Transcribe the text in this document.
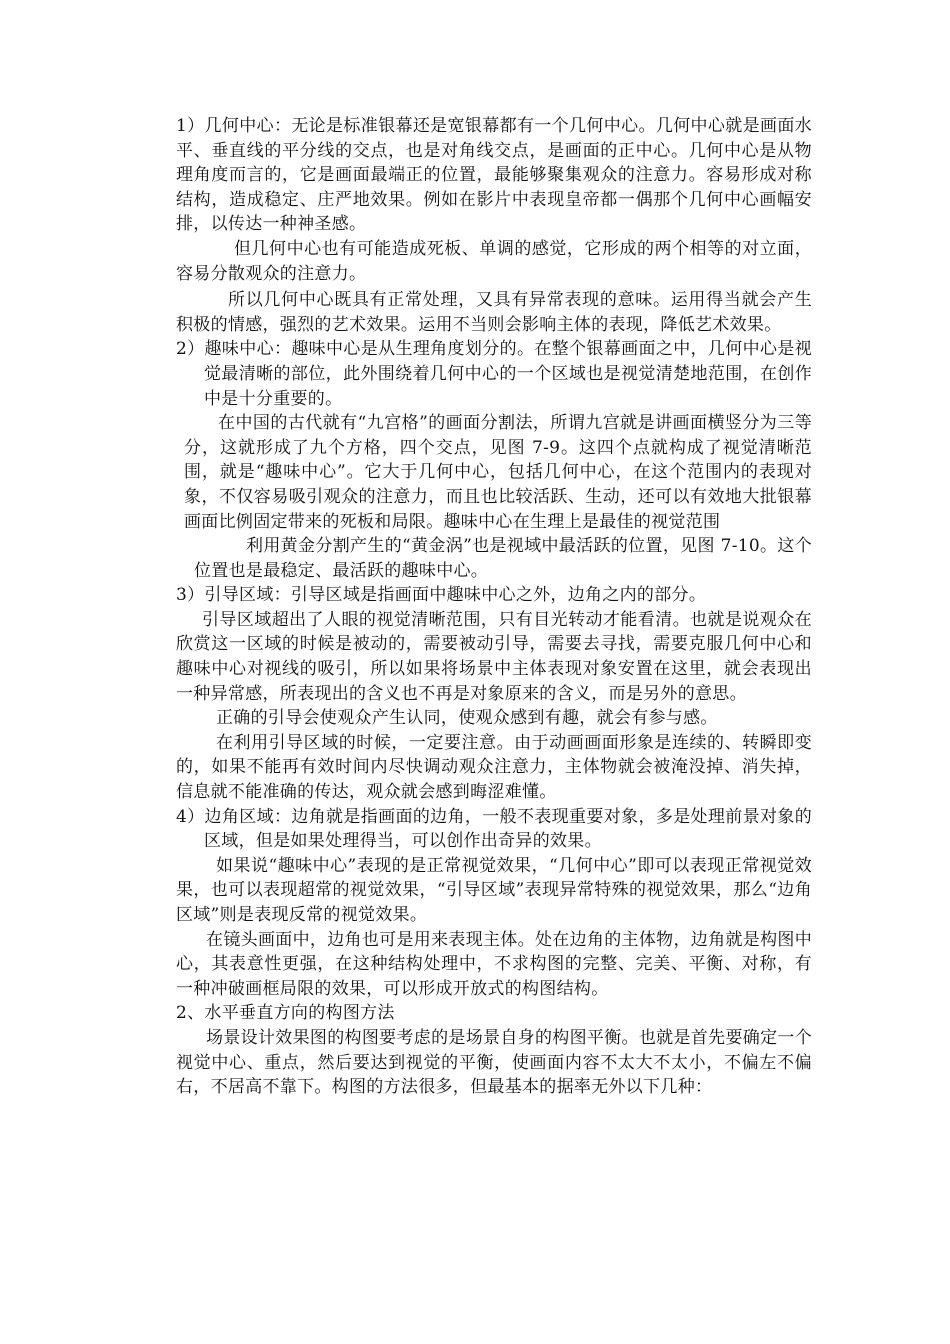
1）几何中心：无论是标准银幕还是宽银幕都有一个几何中心。几何中心就是画面水平、垂直线的平分线的交点，也是对角线交点，是画面的正中心。几何中心是从物理角度而言的，它是画面最端正的位置，最能够聚集观众的注意力。容易形成对称结构，造成稳定、庄严地效果。例如在影片中表现皇帝都一偶那个几何中心画幅安排，以传达一种神圣感。

但几何中心也有可能造成死板、单调的感觉，它形成的两个相等的对立面，容易分散观众的注意力。

所以几何中心既具有正常处理，又具有异常表现的意味。运用得当就会产生积极的情感，强烈的艺术效果。运用不当则会影响主体的表现，降低艺术效果。

2）趣味中心：趣味中心是从生理角度划分的。在整个银幕画面之中，几何中心是视觉最清晰的部位，此外围绕着几何中心的一个区域也是视觉清楚地范围，在创作中是十分重要的。

在中国的古代就有“九宫格”的画面分割法，所谓九宫就是讲画面横竖分为三等分，这就形成了九个方格，四个交点，见图 7-9。这四个点就构成了视觉清晰范围，就是“趣味中心”。它大于几何中心，包括几何中心，在这个范围内的表现对象，不仅容易吸引观众的注意力，而且也比较活跃、生动，还可以有效地大批银幕画面比例固定带来的死板和局限。趣味中心在生理上是最佳的视觉范围

利用黄金分割产生的“黄金涡”也是视域中最活跃的位置，见图 7-10。这个位置也是最稳定、最活跃的趣味中心。

3）引导区域：引导区域是指画面中趣味中心之外，边角之内的部分。

引导区域超出了人眼的视觉清晰范围，只有目光转动才能看清。也就是说观众在欣赏这一区域的时候是被动的，需要被动引导，需要去寻找，需要克服几何中心和趣味中心对视线的吸引，所以如果将场景中主体表现对象安置在这里，就会表现出一种异常感，所表现出的含义也不再是对象原来的含义，而是另外的意思。

正确的引导会使观众产生认同，使观众感到有趣，就会有参与感。

在利用引导区域的时候，一定要注意。由于动画画面形象是连续的、转瞬即变的，如果不能再有效时间内尽快调动观众注意力，主体物就会被淹没掉、消失掉，信息就不能准确的传达，观众就会感到晦涩难懂。

4）边角区域：边角就是指画面的边角，一般不表现重要对象，多是处理前景对象的区域，但是如果处理得当，可以创作出奇异的效果。

如果说“趣味中心”表现的是正常视觉效果，“几何中心”即可以表现正常视觉效果，也可以表现超常的视觉效果，“引导区域”表现异常特殊的视觉效果，那么“边角区域”则是表现反常的视觉效果。

在镜头画面中，边角也可是用来表现主体。处在边角的主体物，边角就是构图中心，其表意性更强，在这种结构处理中，不求构图的完整、完美、平衡、对称，有一种冲破画框局限的效果，可以形成开放式的构图结构。

2、水平垂直方向的构图方法

场景设计效果图的构图要考虑的是场景自身的构图平衡。也就是首先要确定一个视觉中心、重点，然后要达到视觉的平衡，使画面内容不太大不太小，不偏左不偏右，不居高不靠下。构图的方法很多，但最基本的据率无外以下几种：
